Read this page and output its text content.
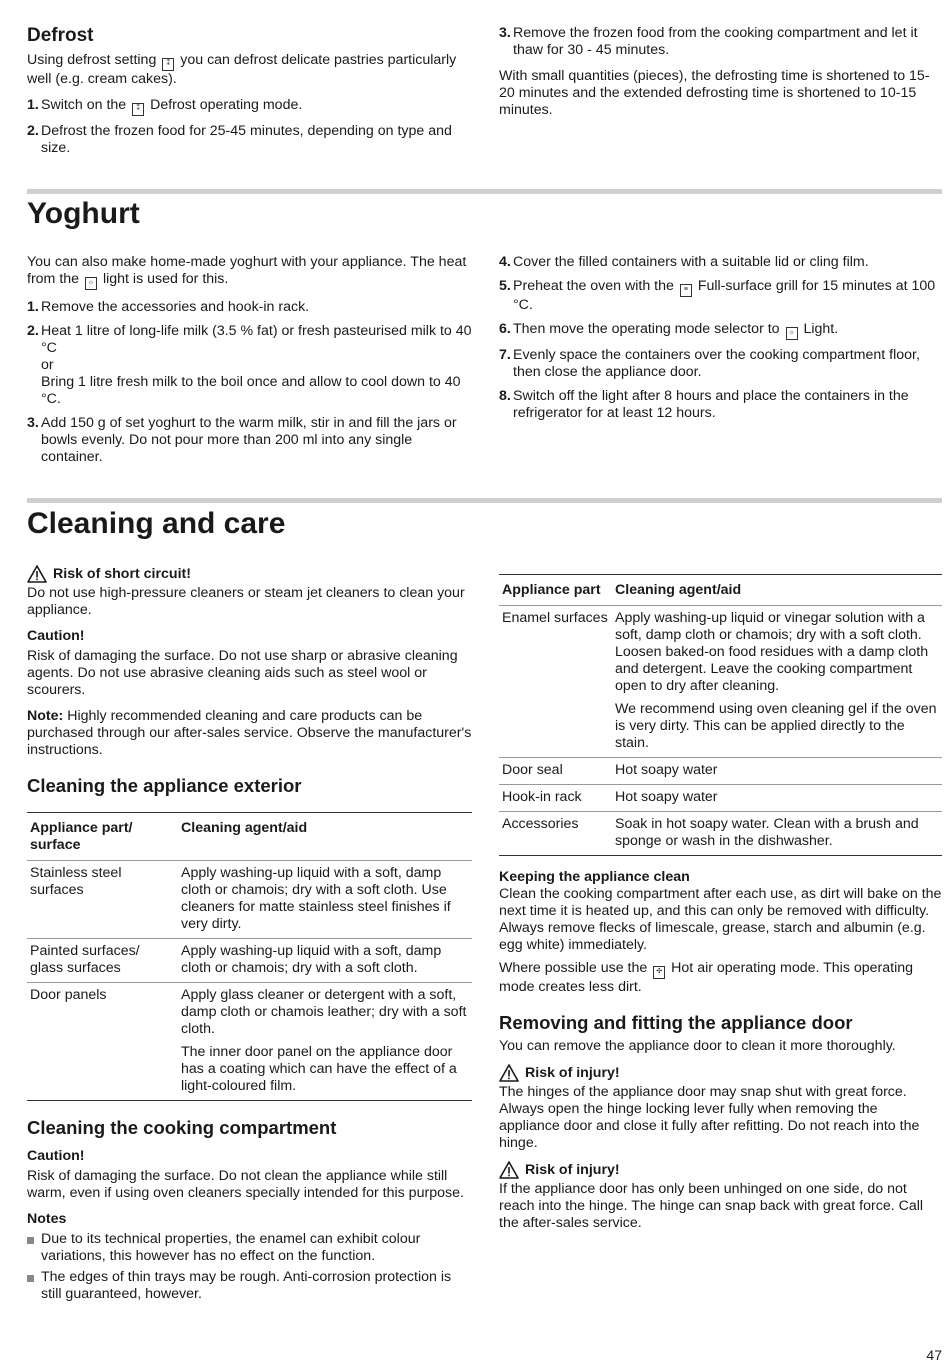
Defrost

Using defrost setting ⁑ you can defrost delicate pastries particularly well (e.g. cream cakes).

1 . Switch on the ⁑ Defrost operating mode.
2 . Defrost the frozen food for 25-45 minutes, depending on type and size.
3 . Remove the frozen food from the cooking compartment and let it thaw for 30 - 45 minutes.

With small quantities (pieces), the defrosting time is shortened to 15-20 minutes and the extended defrosting time is shortened to 10-15 minutes.

Yoghurt

You can also make home-made yoghurt with your appliance. The heat from the ☼ light is used for this.

1 . Remove the accessories and hook-in rack.
2 . Heat 1 litre of long-life milk (3.5 % fat) or fresh pasteurised milk to 40 °C
or
Bring 1 litre fresh milk to the boil once and allow to cool down to 40 °C.
3 . Add 150 g of set yoghurt to the warm milk, stir in and fill the jars or bowls evenly. Do not pour more than 200 ml into any single container.
4 . Cover the filled containers with a suitable lid or cling film.
5 . Preheat the oven with the ≡ Full-surface grill for 15 minutes at 100 °C.
6 . Then move the operating mode selector to ☼ Light.
7 . Evenly space the containers over the cooking compartment floor, then close the appliance door.
8 . Switch off the light after 8 hours and place the containers in the refrigerator for at least 12 hours.
Cleaning and care
Risk of short circuit!

Do not use high-pressure cleaners or steam jet cleaners to clean your appliance.

Caution!

Risk of damaging the surface. Do not use sharp or abrasive cleaning agents. Do not use abrasive cleaning aids such as steel wool or scourers.

Note: Highly recommended cleaning and care products can be purchased through our after-sales service. Observe the manufacturer's instructions.

Cleaning the appliance exterior
Appliance part/ surface	Cleaning agent/aid
Stainless steel surfaces	Apply washing-up liquid with a soft, damp cloth or chamois; dry with a soft cloth. Use cleaners for matte stainless steel finishes if very dirty.

Painted surfaces/ glass surfaces	Apply washing-up liquid with a soft, damp cloth or chamois; dry with a soft cloth.

Door panels	Apply glass cleaner or detergent with a soft, damp cloth or chamois leather; dry with a soft cloth.

The inner door panel on the appliance door has a coating which can have the effect of a light-coloured film.

Cleaning the cooking compartment

Caution!

Risk of damaging the surface. Do not clean the appliance while still warm, even if using oven cleaners specially intended for this purpose.

Notes

Due to its technical properties, the enamel can exhibit colour variations, this however has no effect on the function.
The edges of thin trays may be rough. Anti-corrosion protection is still guaranteed, however.
Appliance part	Cleaning agent/aid
Enamel surfaces	Apply washing-up liquid or vinegar solution with a soft, damp cloth or chamois; dry with a soft cloth. Loosen baked-on food residues with a damp cloth and detergent. Leave the cooking compartment open to dry after cleaning.

We recommend using oven cleaning gel if the oven is very dirty. This can be applied directly to the stain.

Door seal	Hot soapy water
Hook-in rack	Hot soapy water
Accessories	Soak in hot soapy water. Clean with a brush and sponge or wash in the dishwasher.

Keeping the appliance clean

Clean the cooking compartment after each use, as dirt will bake on the next time it is heated up, and this can only be removed with difficulty. Always remove flecks of limescale, grease, starch and albumin (e.g. egg white) immediately.

Where possible use the ✣ Hot air operating mode. This operating mode creates less dirt.

Removing and fitting the appliance door

You can remove the appliance door to clean it more thoroughly.

Risk of injury!

The hinges of the appliance door may snap shut with great force. Always open the hinge locking lever fully when removing the appliance door and close it fully after refitting. Do not reach into the hinge.

Risk of injury!

If the appliance door has only been unhinged on one side, do not reach into the hinge. The hinge can snap back with great force. Call the after-sales service.

47
